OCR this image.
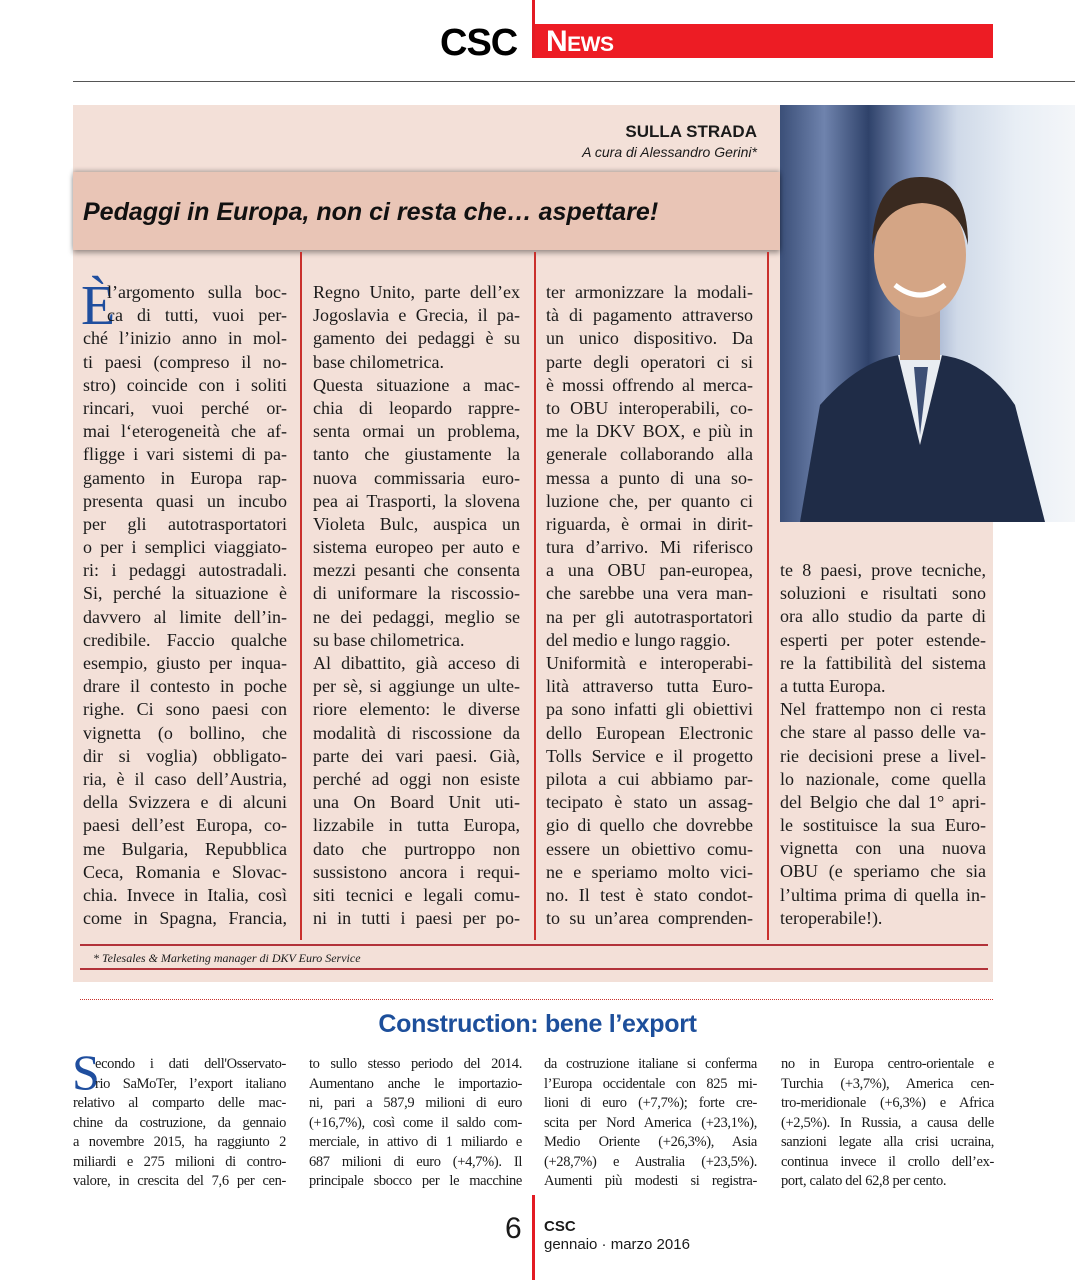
CSC News
SULLA STRADA
A cura di Alessandro Gerini*
Pedaggi in Europa, non ci resta che… aspettare!
È
l’argomento sulla boc-
ca di tutti, vuoi per-
ché l’inizio anno in mol-
ti paesi (compreso il no-
stro) coincide con i soliti
rincari, vuoi perché or-
mai l‘eterogeneità che af-
fligge i vari sistemi di pa-
gamento in Europa rap-
presenta quasi un incubo
per gli autotrasportatori
o per i semplici viaggiato-
ri: i pedaggi autostradali.
Si, perché la situazione è
davvero al limite dell’in-
credibile. Faccio qualche
esempio, giusto per inqua-
drare il contesto in poche
righe. Ci sono paesi con
vignetta (o bollino, che
dir si voglia) obbligato-
ria, è il caso dell’Austria,
della Svizzera e di alcuni
paesi dell’est Europa, co-
me Bulgaria, Repubblica
Ceca, Romania e Slovac-
chia. Invece in Italia, così
come in Spagna, Francia,
Regno Unito, parte dell’ex
Jogoslavia e Grecia, il pa-
gamento dei pedaggi è su
base chilometrica.
Questa situazione a mac-
chia di leopardo rappre-
senta ormai un problema,
tanto che giustamente la
nuova commissaria euro-
pea ai Trasporti, la slovena
Violeta Bulc, auspica un
sistema europeo per auto e
mezzi pesanti che consenta
di uniformare la riscossio-
ne dei pedaggi, meglio se
su base chilometrica.
Al dibattito, già acceso di
per sè, si aggiunge un ulte-
riore elemento: le diverse
modalità di riscossione da
parte dei vari paesi. Già,
perché ad oggi non esiste
una On Board Unit uti-
lizzabile in tutta Europa,
dato che purtroppo non
sussistono ancora i requi-
siti tecnici e legali comu-
ni in tutti i paesi per po-
ter armonizzare la modali-
tà di pagamento attraverso
un unico dispositivo. Da
parte degli operatori ci si
è mossi offrendo al merca-
to OBU interoperabili, co-
me la DKV BOX, e più in
generale collaborando alla
messa a punto di una so-
luzione che, per quanto ci
riguarda, è ormai in dirit-
tura d’arrivo. Mi riferisco
a una OBU pan-europea,
che sarebbe una vera man-
na per gli autotrasportatori
del medio e lungo raggio.
Uniformità e interoperabi-
lità attraverso tutta Euro-
pa sono infatti gli obiettivi
dello European Electronic
Tolls Service e il progetto
pilota a cui abbiamo par-
tecipato è stato un assag-
gio di quello che dovrebbe
essere un obiettivo comu-
ne e speriamo molto vici-
no. Il test è stato condot-
to su un’area comprenden-
te 8 paesi, prove tecniche,
soluzioni e risultati sono
ora allo studio da parte di
esperti per poter estende-
re la fattibilità del sistema
a tutta Europa.
Nel frattempo non ci resta
che stare al passo delle va-
rie decisioni prese a livel-
lo nazionale, come quella
del Belgio che dal 1° apri-
le sostituisce la sua Euro-
vignetta con una nuova
OBU (e speriamo che sia
l’ultima prima di quella in-
teroperabile!).
* Telesales & Marketing manager di DKV Euro Service
Construction: bene l’export
S
econdo i dati dell'Osservato-
rio SaMoTer, l’export italiano
relativo al comparto delle mac-
chine da costruzione, da gennaio
a novembre 2015, ha raggiunto 2
miliardi e 275 milioni di contro-
valore, in crescita del 7,6 per cen-
to sullo stesso periodo del 2014.
Aumentano anche le importazio-
ni, pari a 587,9 milioni di euro
(+16,7%), così come il saldo com-
merciale, in attivo di 1 miliardo e
687 milioni di euro (+4,7%). Il
principale sbocco per le macchine
da costruzione italiane si conferma
l’Europa occidentale con 825 mi-
lioni di euro (+7,7%); forte cre-
scita per Nord America (+23,1%),
Medio Oriente (+26,3%), Asia
(+28,7%) e Australia (+23,5%).
Aumenti più modesti si registra-
no in Europa centro-orientale e
Turchia (+3,7%), America cen-
tro-meridionale (+6,3%) e Africa
(+2,5%). In Russia, a causa delle
sanzioni legate alla crisi ucraina,
continua invece il crollo dell’ex-
port, calato del 62,8 per cento.
6 CSC
gennaio · marzo 2016
